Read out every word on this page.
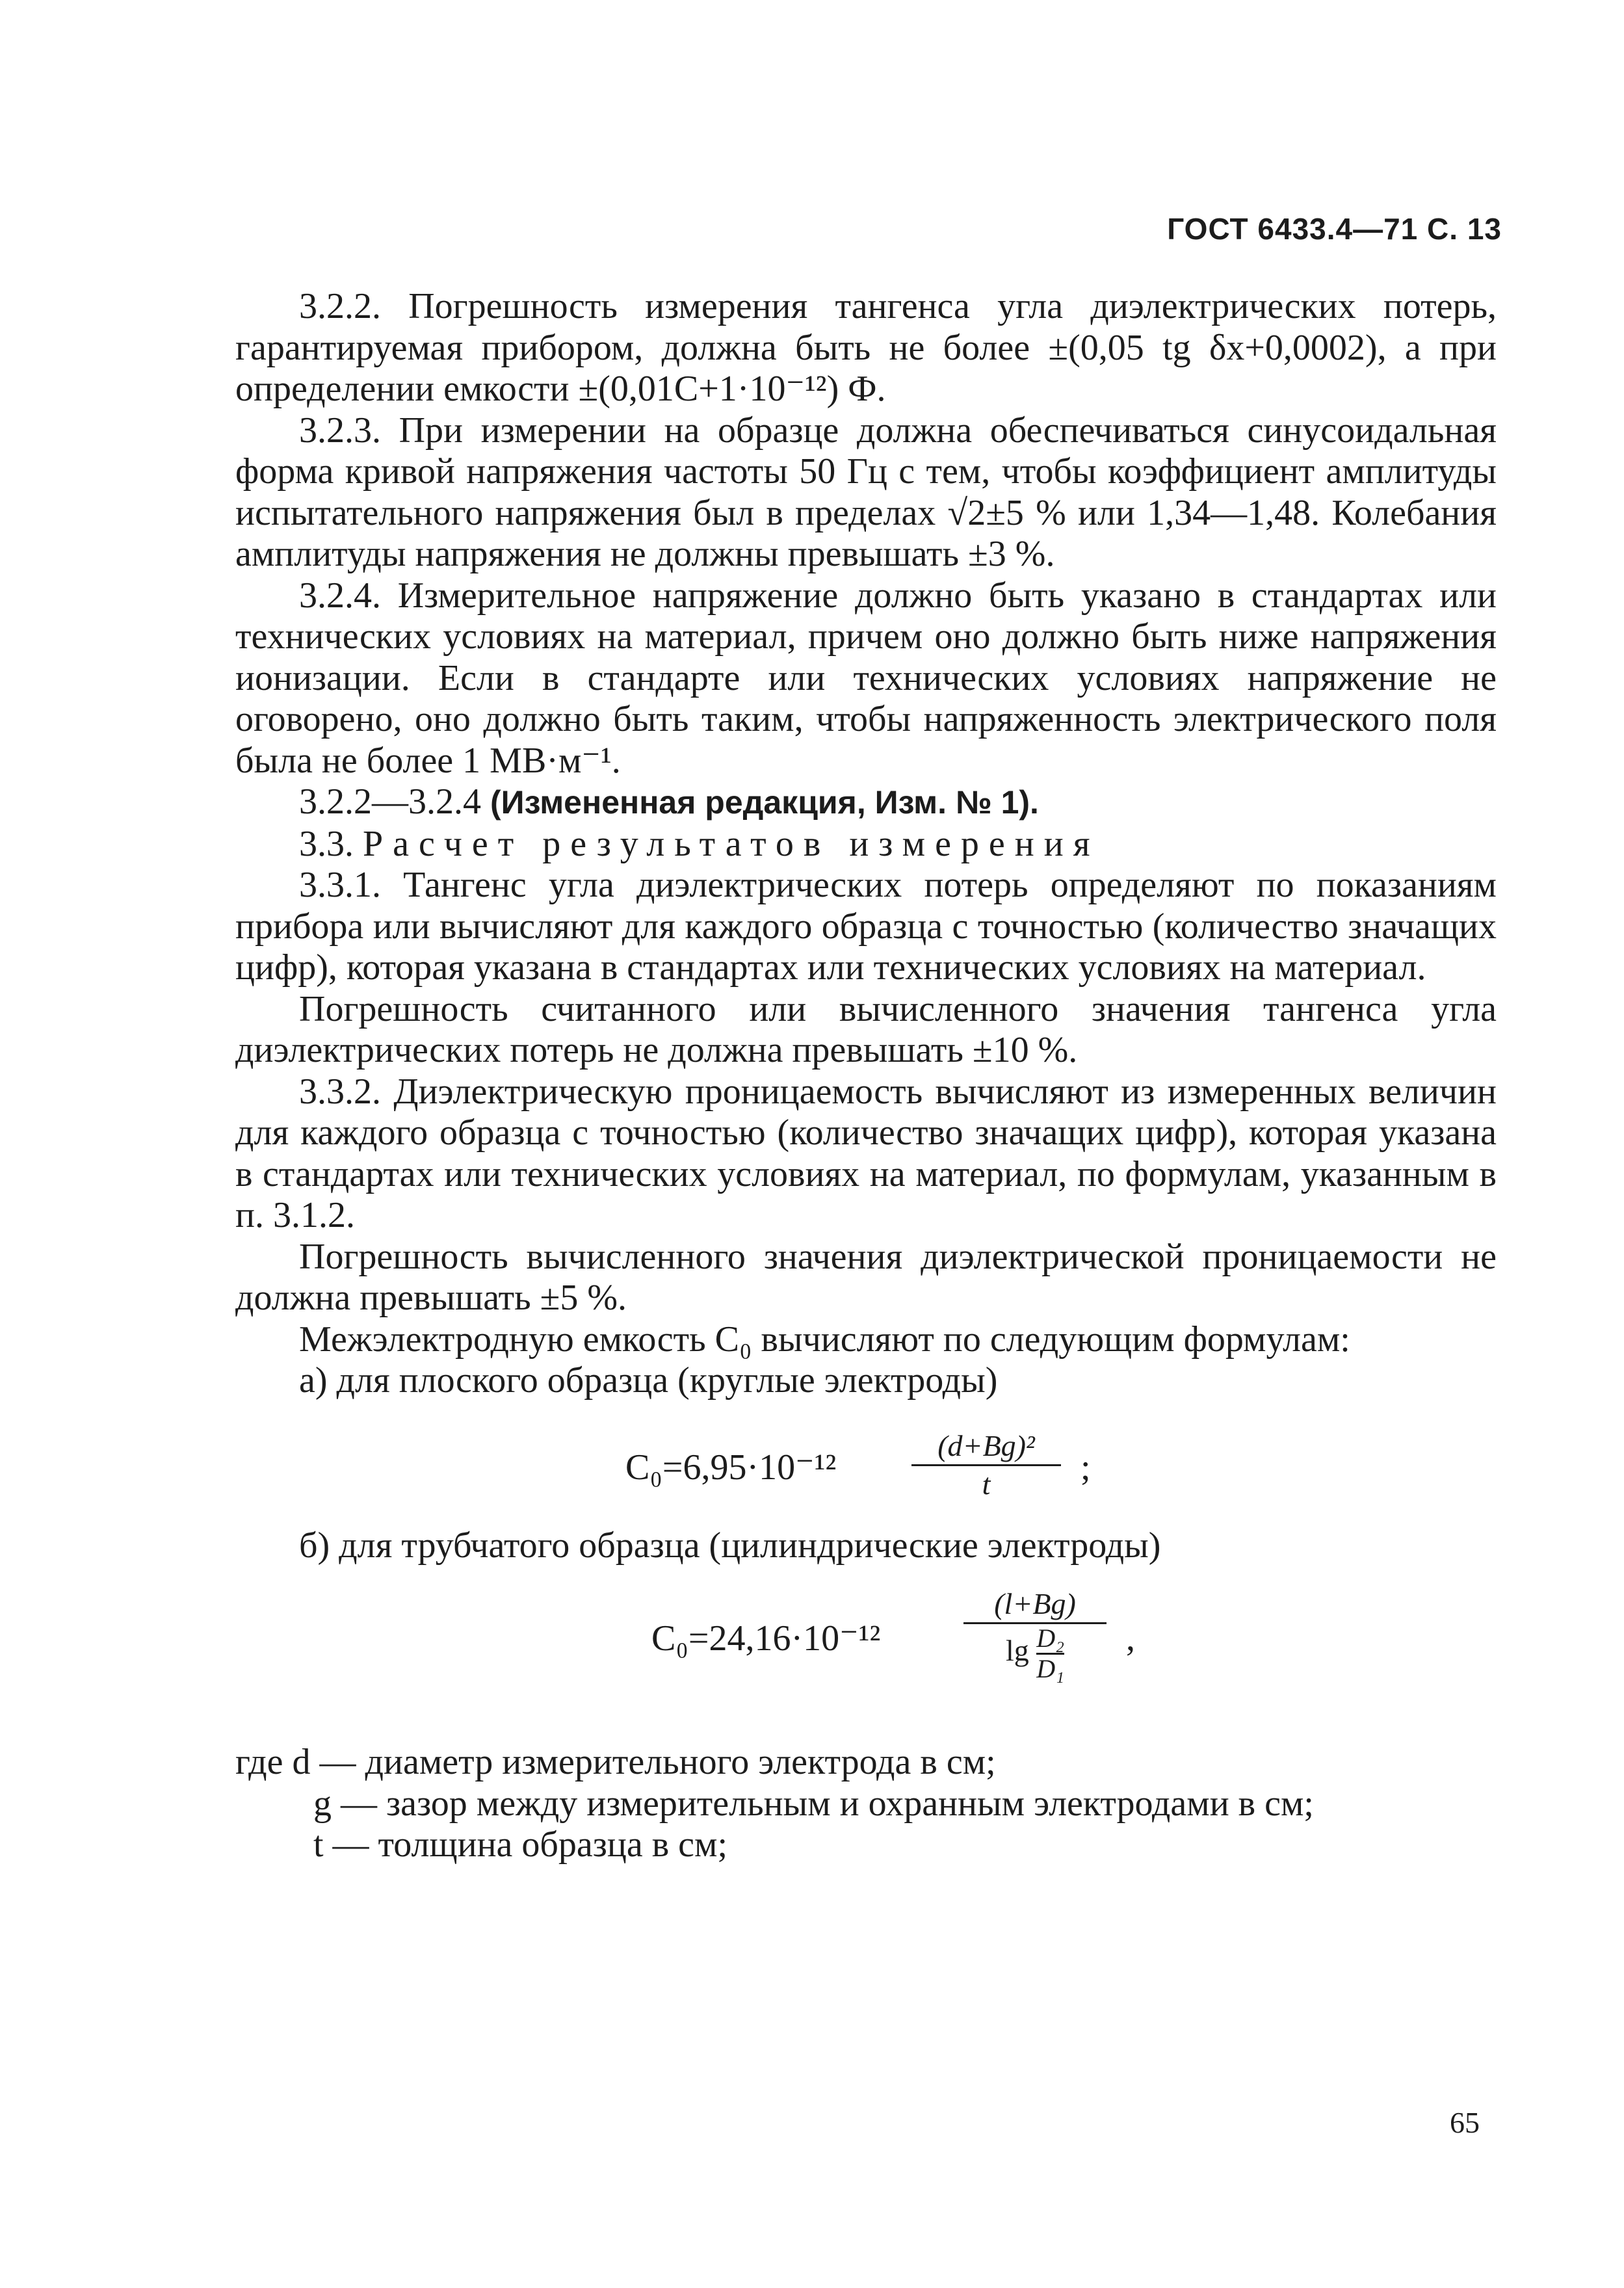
ГОСТ 6433.4—71 С. 13

3.2.2. Погрешность измерения тангенса угла диэлектрических потерь, гарантируемая прибором, должна быть не более ±(0,05 tg δx+0,0002), а при определении емкости ±(0,01С+1·10⁻¹²) Ф.

3.2.3. При измерении на образце должна обеспечиваться синусоидальная форма кривой напряжения частоты 50 Гц с тем, чтобы коэффициент амплитуды испытательного напряжения был в пределах √2±5 % или 1,34—1,48. Колебания амплитуды напряжения не должны превышать ±3 %.

3.2.4. Измерительное напряжение должно быть указано в стандартах или технических условиях на материал, причем оно должно быть ниже напряжения ионизации. Если в стандарте или технических условиях напряжение не оговорено, оно должно быть таким, чтобы напряженность электрического поля была не более 1 МВ·м⁻¹.

3.2.2—3.2.4 (Измененная редакция, Изм. № 1).

3.3. Расчет результатов измерения

3.3.1. Тангенс угла диэлектрических потерь определяют по показаниям прибора или вычисляют для каждого образца с точностью (количество значащих цифр), которая указана в стандартах или технических условиях на материал.

Погрешность считанного или вычисленного значения тангенса угла диэлектрических потерь не должна превышать ±10 %.

3.3.2. Диэлектрическую проницаемость вычисляют из измеренных величин для каждого образца с точностью (количество значащих цифр), которая указана в стандартах или технических условиях на материал, по формулам, указанным в п. 3.1.2.

Погрешность вычисленного значения диэлектрической проницаемости не должна превышать ±5 %.

Межэлектродную емкость C₀ вычисляют по следующим формулам:

а) для плоского образца (круглые электроды)

C₀=6,95·10⁻¹²
(d+Bg)²
t	;

б) для трубчатого образца (цилиндрические электроды)

C₀=24,16·10⁻¹²
(l+Bg)
$\lg \frac{\text{D₂}}{\text{D₁}}$	,

где d — диаметр измерительного электрода в см;

g — зазор между измерительным и охранным электродами в см;

t — толщина образца в см;

65
